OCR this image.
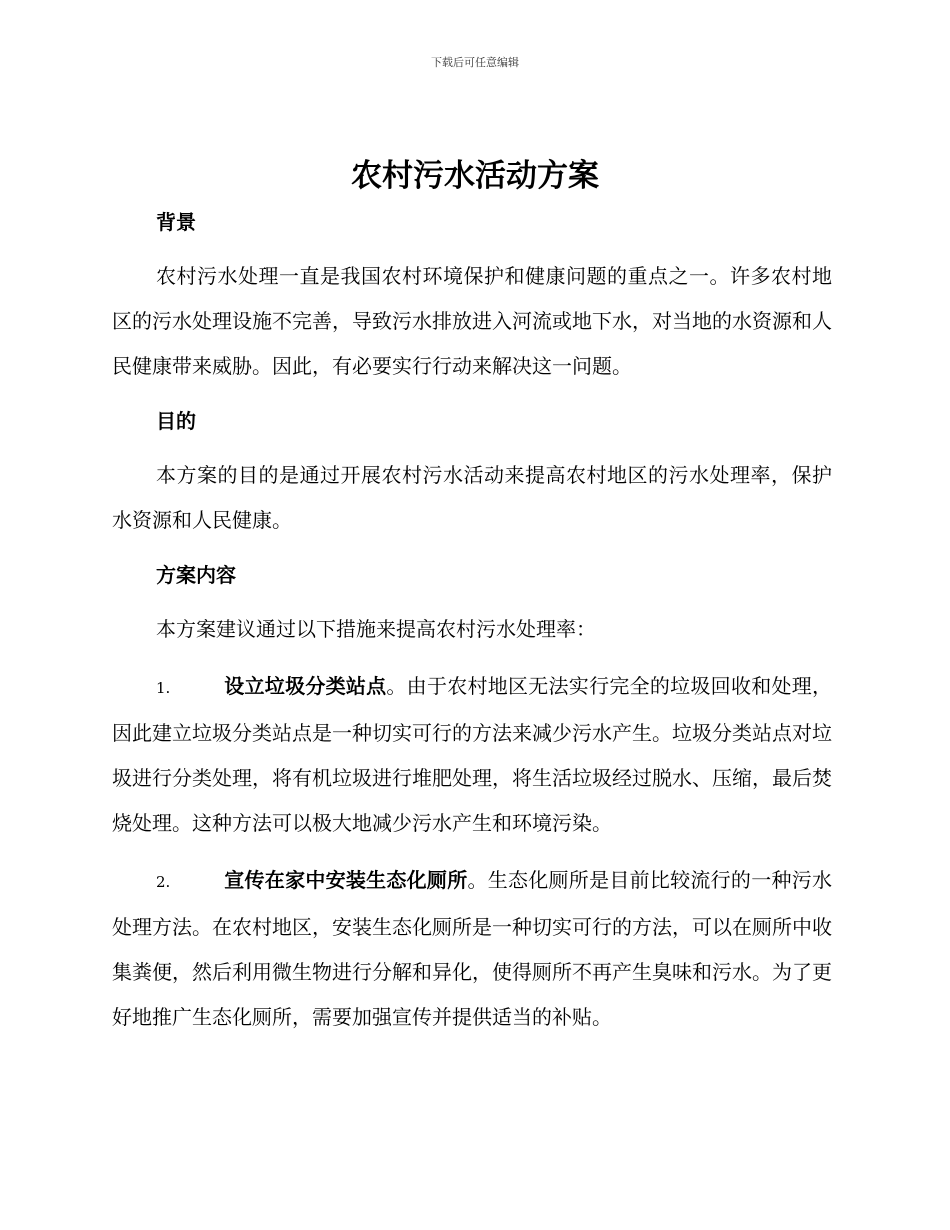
下载后可任意编辑
农村污水活动方案
背景

农村污水处理一直是我国农村环境保护和健康问题的重点之一。许多农村地区的污水处理设施不完善，导致污水排放进入河流或地下水，对当地的水资源和人民健康带来威胁。因此，有必要实行行动来解决这一问题。

目的

本方案的目的是通过开展农村污水活动来提高农村地区的污水处理率，保护水资源和人民健康。

方案内容

本方案建议通过以下措施来提高农村污水处理率：

1.	设立垃圾分类站点。由于农村地区无法实行完全的垃圾回收和处理，因此建立垃圾分类站点是一种切实可行的方法来减少污水产生。垃圾分类站点对垃圾进行分类处理，将有机垃圾进行堆肥处理，将生活垃圾经过脱水、压缩，最后焚烧处理。这种方法可以极大地减少污水产生和环境污染。

2.	宣传在家中安装生态化厕所。生态化厕所是目前比较流行的一种污水处理方法。在农村地区，安装生态化厕所是一种切实可行的方法，可以在厕所中收集粪便，然后利用微生物进行分解和异化，使得厕所不再产生臭味和污水。为了更好地推广生态化厕所，需要加强宣传并提供适当的补贴。
